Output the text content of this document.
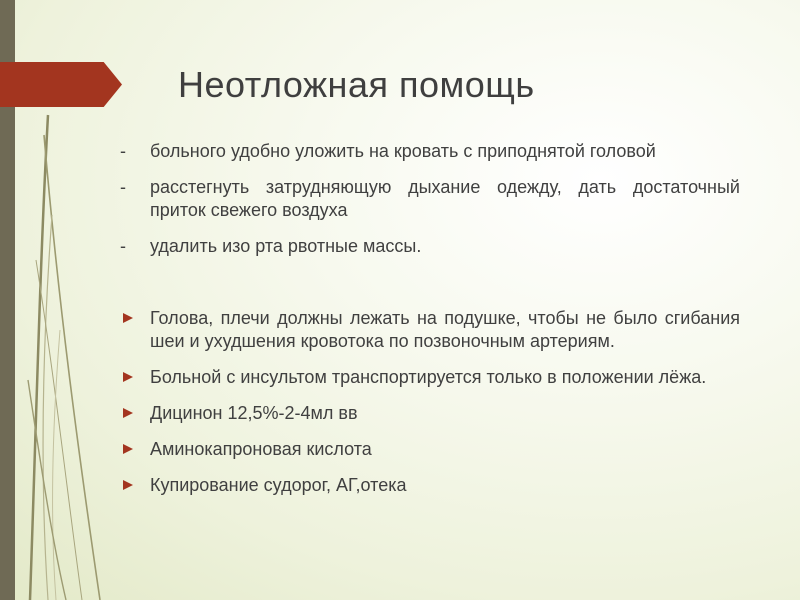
Неотложная помощь
- больного удобно уложить на кровать с приподнятой головой
- расстегнуть затрудняющую дыхание одежду, дать достаточный приток свежего воздуха
- удалить изо рта рвотные массы.
Голова, плечи должны лежать на подушке, чтобы не было сгибания шеи и ухудшения кровотока по позвоночным артериям.
Больной с инсультом транспортируется только в положении лёжа.
Дицинон 12,5%-2-4мл вв
Аминокапроновая кислота
Купирование судорог, АГ,отека
